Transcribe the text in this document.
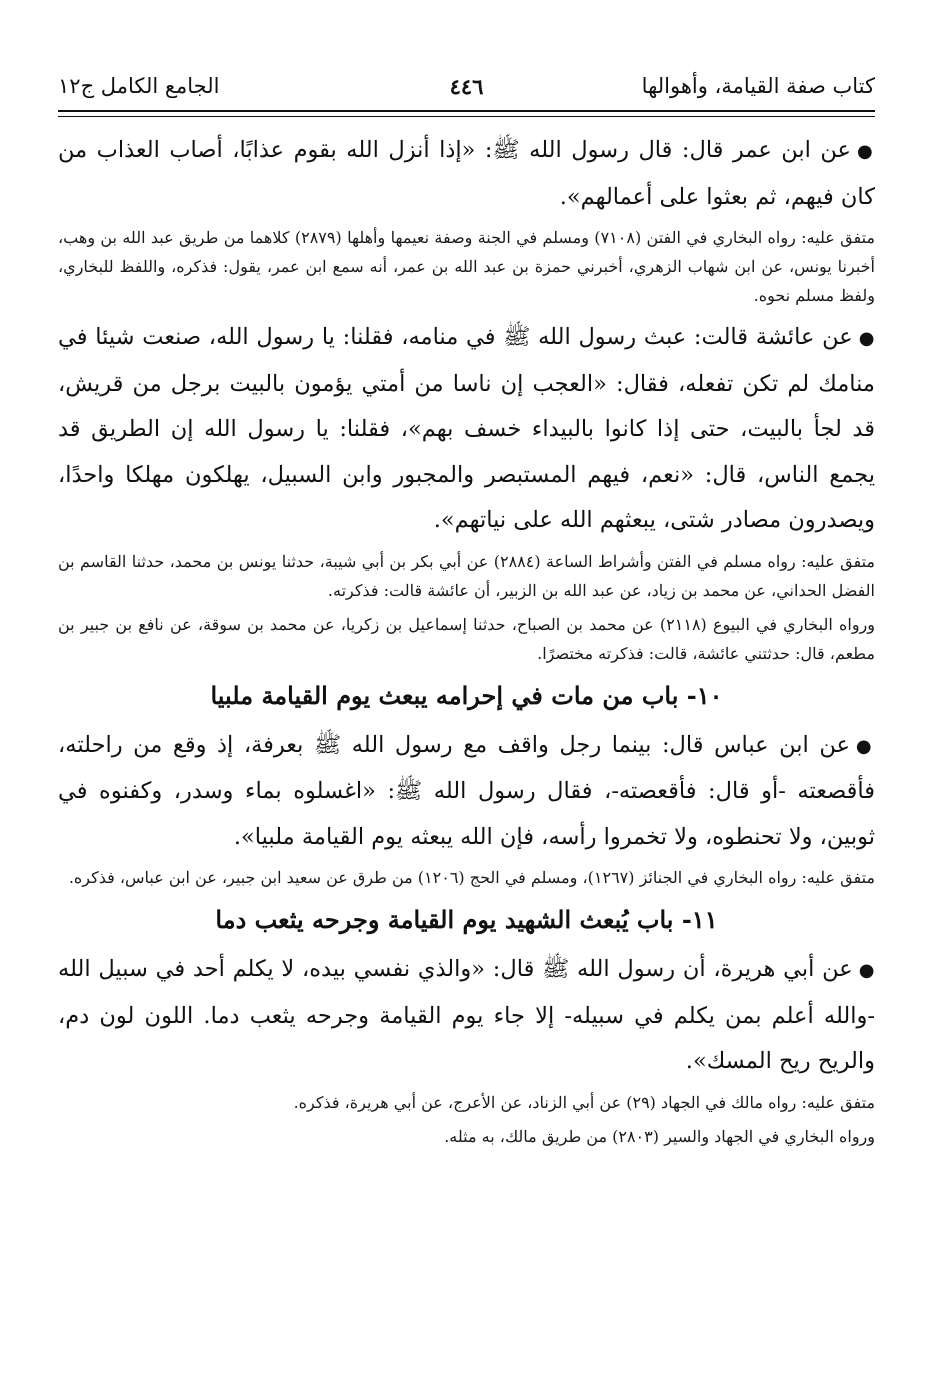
كتاب صفة القيامة، وأهوالها
٤٤٦
الجامع الكامل ج١٢

●عن ابن عمر قال: قال رسول الله ﷺ: «إذا أنزل الله بقوم عذابًا، أصاب العذاب من كان فيهم، ثم بعثوا على أعمالهم».

متفق عليه: رواه البخاري في الفتن (٧١٠٨) ومسلم في الجنة وصفة نعيمها وأهلها (٢٨٧٩) كلاهما من طريق عبد الله بن وهب، أخبرنا يونس، عن ابن شهاب الزهري، أخبرني حمزة بن عبد الله بن عمر، أنه سمع ابن عمر، يقول: فذكره، واللفظ للبخاري، ولفظ مسلم نحوه.

●عن عائشة قالت: عبث رسول الله ﷺ في منامه، فقلنا: يا رسول الله، صنعت شيئا في منامك لم تكن تفعله، فقال: «العجب إن ناسا من أمتي يؤمون بالبيت برجل من قريش، قد لجأ بالبيت، حتى إذا كانوا بالبيداء خسف بهم»، فقلنا: يا رسول الله إن الطريق قد يجمع الناس، قال: «نعم، فيهم المستبصر والمجبور وابن السبيل، يهلكون مهلكا واحدًا، ويصدرون مصادر شتى، يبعثهم الله على نياتهم».

متفق عليه: رواه مسلم في الفتن وأشراط الساعة (٢٨٨٤) عن أبي بكر بن أبي شيبة، حدثنا يونس بن محمد، حدثنا القاسم بن الفضل الحداني، عن محمد بن زياد، عن عبد الله بن الزبير، أن عائشة قالت: فذكرته.

ورواه البخاري في البيوع (٢١١٨) عن محمد بن الصباح، حدثنا إسماعيل بن زكريا، عن محمد بن سوقة، عن نافع بن جبير بن مطعم، قال: حدثتني عائشة، قالت: فذكرته مختصرًا.

١٠- باب من مات في إحرامه يبعث يوم القيامة ملبيا

●عن ابن عباس قال: بينما رجل واقف مع رسول الله ﷺ بعرفة، إذ وقع من راحلته، فأقصعته -أو قال: فأقعصته-، فقال رسول الله ﷺ: «اغسلوه بماء وسدر، وكفنوه في ثوبين، ولا تحنطوه، ولا تخمروا رأسه، فإن الله يبعثه يوم القيامة ملبيا».

متفق عليه: رواه البخاري في الجنائز (١٢٦٧)، ومسلم في الحج (١٢٠٦) من طرق عن سعيد ابن جبير، عن ابن عباس، فذكره.

١١- باب يُبعث الشهيد يوم القيامة وجرحه يثعب دما

●عن أبي هريرة، أن رسول الله ﷺ قال: «والذي نفسي بيده، لا يكلم أحد في سبيل الله -والله أعلم بمن يكلم في سبيله- إلا جاء يوم القيامة وجرحه يثعب دما. اللون لون دم، والريح ريح المسك».

متفق عليه: رواه مالك في الجهاد (٢٩) عن أبي الزناد، عن الأعرج، عن أبي هريرة، فذكره.

ورواه البخاري في الجهاد والسير (٢٨٠٣) من طريق مالك، به مثله.
